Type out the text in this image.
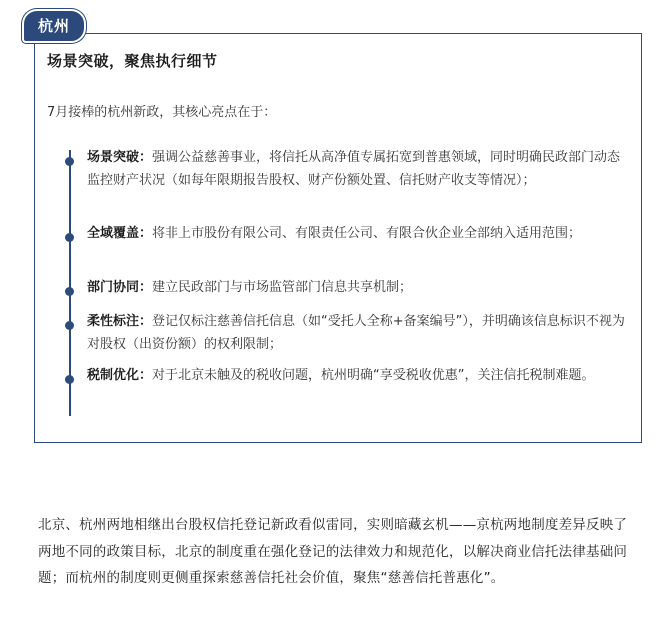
杭州
场景突破，聚焦执行细节
7月接棒的杭州新政，其核心亮点在于：
场景突破：强调公益慈善事业，将信托从高净值专属拓宽到普惠领域，同时明确民政部门动态监控财产状况（如每年限期报告股权、财产份额处置、信托财产收支等情况）；
全域覆盖：将非上市股份有限公司、有限责任公司、有限合伙企业全部纳入适用范围；
部门协同：建立民政部门与市场监管部门信息共享机制；
柔性标注：登记仅标注慈善信托信息（如“受托人全称+备案编号”），并明确该信息标识不视为对股权（出资份额）的权利限制；
税制优化：对于北京未触及的税收问题，杭州明确“享受税收优惠”，关注信托税制难题。
北京、杭州两地相继出台股权信托登记新政看似雷同，实则暗藏玄机——京杭两地制度差异反映了两地不同的政策目标，北京的制度重在强化登记的法律效力和规范化，以解决商业信托法律基础问题；而杭州的制度则更侧重探索慈善信托社会价值，聚焦“慈善信托普惠化”。
